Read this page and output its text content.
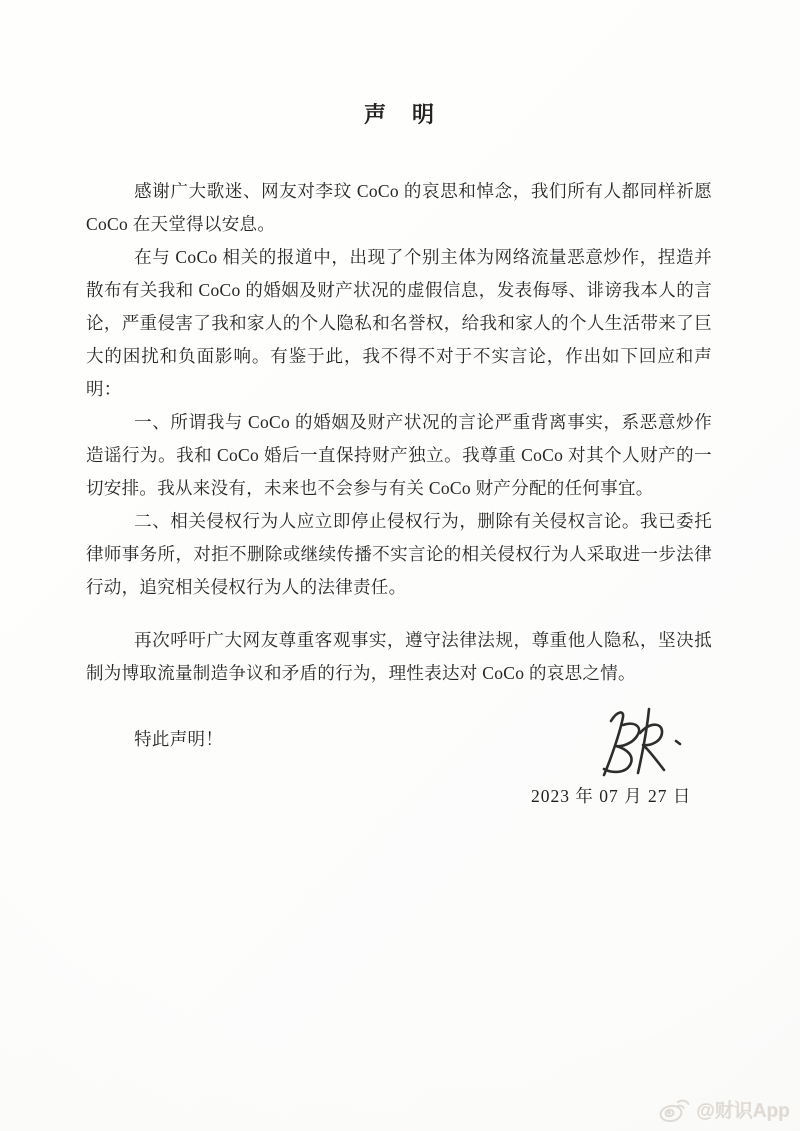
声　明

感谢广大歌迷、网友对李玟 CoCo 的哀思和悼念，我们所有人都同样祈愿 CoCo 在天堂得以安息。

在与 CoCo 相关的报道中，出现了个别主体为网络流量恶意炒作，捏造并散布有关我和 CoCo 的婚姻及财产状况的虚假信息，发表侮辱、诽谤我本人的言论，严重侵害了我和家人的个人隐私和名誉权，给我和家人的个人生活带来了巨大的困扰和负面影响。有鉴于此，我不得不对于不实言论，作出如下回应和声明：

一、所谓我与 CoCo 的婚姻及财产状况的言论严重背离事实，系恶意炒作造谣行为。我和 CoCo 婚后一直保持财产独立。我尊重 CoCo 对其个人财产的一切安排。我从来没有，未来也不会参与有关 CoCo 财产分配的任何事宜。

二、相关侵权行为人应立即停止侵权行为，删除有关侵权言论。我已委托律师事务所，对拒不删除或继续传播不实言论的相关侵权行为人采取进一步法律行动，追究相关侵权行为人的法律责任。

再次呼吁广大网友尊重客观事实，遵守法律法规，尊重他人隐私，坚决抵制为博取流量制造争议和矛盾的行为，理性表达对 CoCo 的哀思之情。

特此声明！

2023 年 07 月 27 日
@财识App
